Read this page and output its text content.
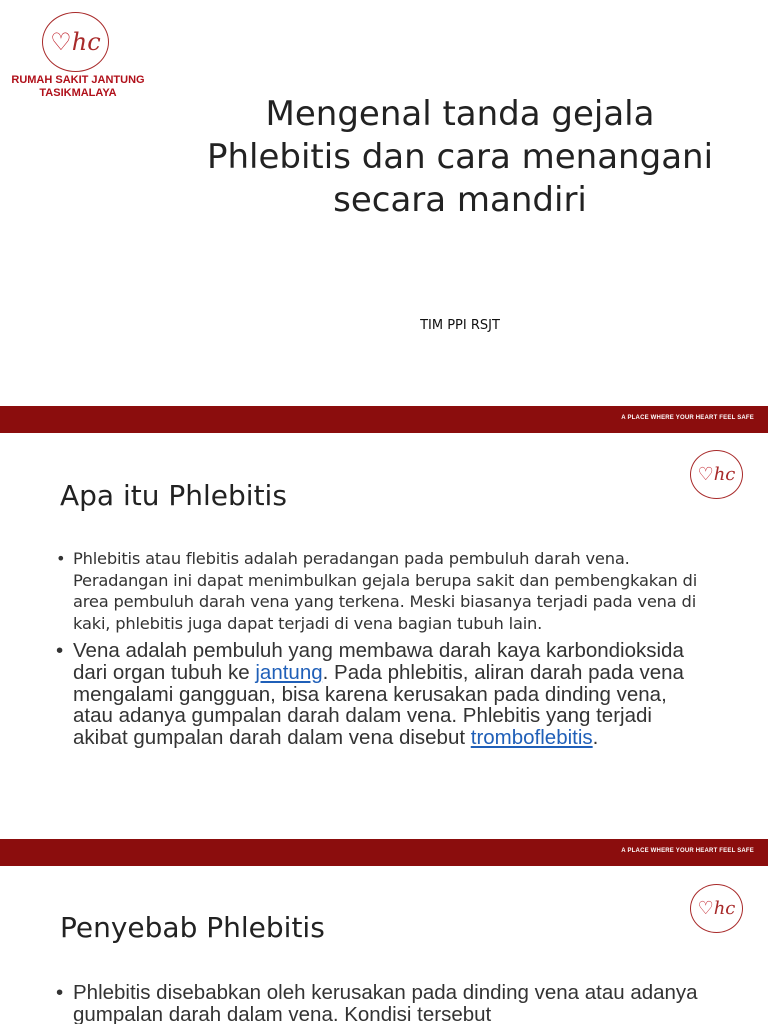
♡ hc
RUMAH SAKIT JANTUNG TASIKMALAYA
Mengenal tanda gejala Phlebitis dan cara menangani secara mandiri
TIM PPI RSJT
A PLACE WHERE YOUR HEART FEEL SAFE
♡ hc
Apa itu Phlebitis
• Phlebitis atau flebitis adalah peradangan pada pembuluh darah vena. Peradangan ini dapat menimbulkan gejala berupa sakit dan pembengkakan di area pembuluh darah vena yang terkena. Meski biasanya terjadi pada vena di kaki, phlebitis juga dapat terjadi di vena bagian tubuh lain.
• Vena adalah pembuluh yang membawa darah kaya karbondioksida dari organ tubuh ke jantung. Pada phlebitis, aliran darah pada vena mengalami gangguan, bisa karena kerusakan pada dinding vena, atau adanya gumpalan darah dalam vena. Phlebitis yang terjadi akibat gumpalan darah dalam vena disebut tromboflebitis.
A PLACE WHERE YOUR HEART FEEL SAFE
♡ hc
Penyebab Phlebitis
• Phlebitis disebabkan oleh kerusakan pada dinding vena atau adanya gumpalan darah dalam vena. Kondisi tersebut
